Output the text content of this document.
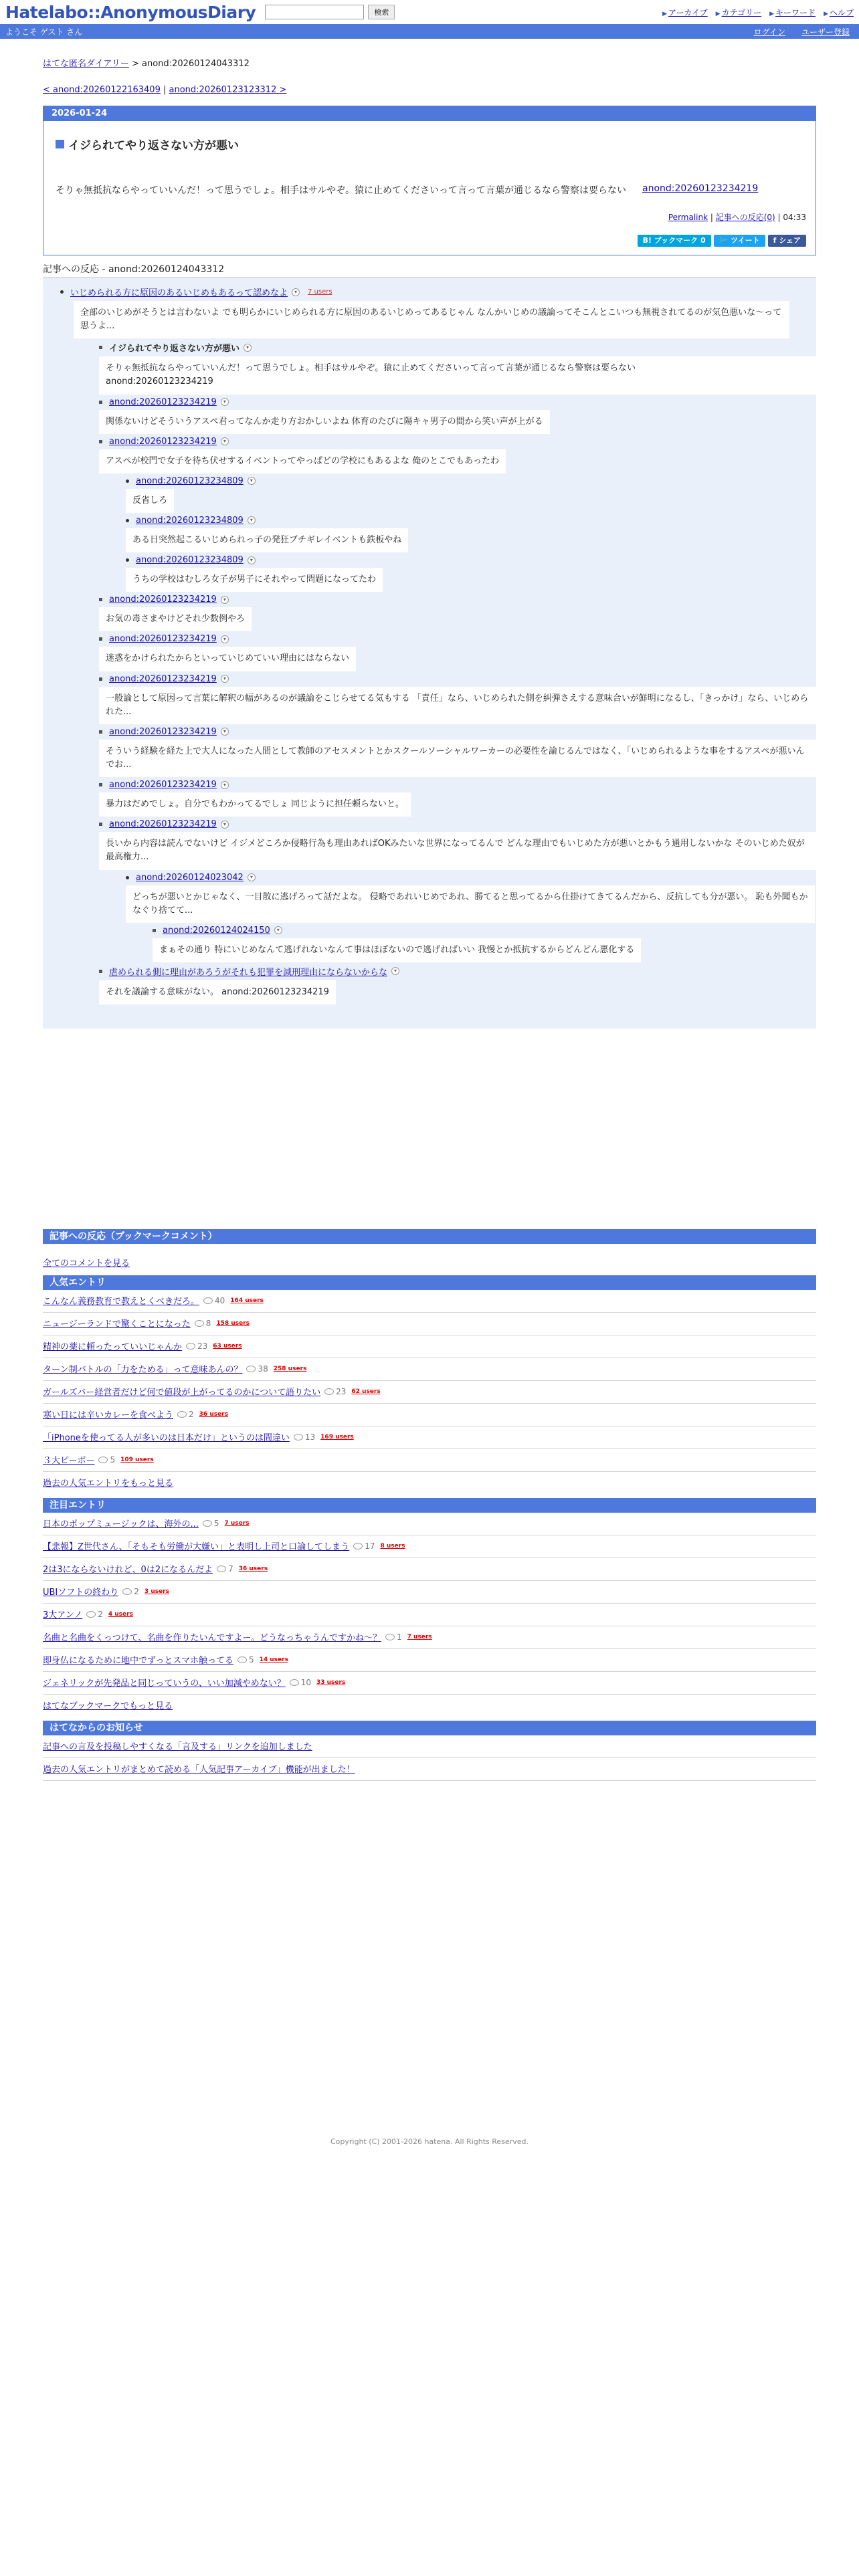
Hatelabo::AnonymousDiary	検索	▶ アーカイブ	▶ カテゴリー	▶ キーワード	▶ ヘルプ
ようこそ ゲスト さん	ログイン ユーザー登録
はてな匿名ダイアリー > anond:20260124043312
< anond:20260122163409 | anond:20260123123312 >
2026-01-24
イジられてやり返さない方が悪い
そりゃ無抵抗ならやっていいんだ！って思うでしょ。相手はサルやぞ。猿に止めてくださいって言って言葉が通じるなら警察は要らない anond:20260123234219
Permalink | 記事への反応(0) | 04:33
B! ブックマーク 0	🐦 ツイート	f シェア
記事への反応 - anond:20260124043312
いじめられる方に原因のあるいじめもあるって認めなよ	▾	7 users
全部のいじめがそうとは言わないよ でも明らかにいじめられる方に原因のあるいじめってあるじゃん なんかいじめの議論ってそこんとこいつも無視されてるのが気色悪いな〜って思うよ...
イジられてやり返さない方が悪い	▾
そりゃ無抵抗ならやっていいんだ！って思うでしょ。相手はサルやぞ。猿に止めてくださいって言って言葉が通じるなら警察は要らない
anond:20260123234219
anond:20260123234219	▾
関係ないけどそういうアスペ君ってなんか走り方おかしいよね 体育のたびに陽キャ男子の間から笑い声が上がる
anond:20260123234219	▾
アスペが校門で女子を待ち伏せするイベントってやっぱどの学校にもあるよな 俺のとこでもあったわ
anond:20260123234809	▾
反省しろ
anond:20260123234809	▾
ある日突然起こるいじめられっ子の発狂ブチギレイベントも鉄板やね
anond:20260123234809	▾
うちの学校はむしろ女子が男子にそれやって問題になってたわ
anond:20260123234219	▾
お気の毒さまやけどそれ少数例やろ
anond:20260123234219	▾
迷惑をかけられたからといっていじめていい理由にはならない
anond:20260123234219	▾
一般論として原因って言葉に解釈の幅があるのが議論をこじらせてる気もする 「責任」なら、いじめられた側を糾弾さえする意味合いが鮮明になるし、「きっかけ」なら、いじめられた...
anond:20260123234219	▾
そういう経験を経た上で大人になった人間として教師のアセスメントとかスクールソーシャルワーカーの必要性を論じるんではなく、「いじめられるような事をするアスペが悪いんでお...
anond:20260123234219	▾
暴力はだめでしょ。自分でもわかってるでしょ 同じように担任頼らないと。
anond:20260123234219	▾
長いから内容は読んでないけど イジメどころか侵略行為も理由あればOKみたいな世界になってるんで どんな理由でもいじめた方が悪いとかもう通用しないかな そのいじめた奴が最高権力...
anond:20260124023042	▾
どっちが悪いとかじゃなく、一目散に逃げろって話だよな。 侵略であれいじめであれ、勝てると思ってるから仕掛けてきてるんだから、反抗しても分が悪い。 恥も外聞もかなぐり捨てて...
anond:20260124024150	▾
まぁその通り 特にいじめなんて逃げれないなんて事はほぼないので逃げればいい 我慢とか抵抗するからどんどん悪化する
虐められる側に理由があろうがそれも犯罪を減刑理由にならないからな	▾
それを議論する意味がない。 anond:20260123234219
記事への反応（ブックマークコメント）
全てのコメントを見る
人気エントリ
こんなん義務教育で教えとくべきだろ。 40 164 users
ニュージーランドで驚くことになった 8 158 users
精神の薬に頼ったっていいじゃんか 23 63 users
ターン制バトルの「力をためる」って意味あんの？ 38 258 users
ガールズバー経営者だけど何で値段が上がってるのかについて語りたい 23 62 users
寒い日には辛いカレーを食べよう 2 36 users
「iPhoneを使ってる人が多いのは日本だけ」というのは間違い 13 169 users
３大ピーボー 5 109 users
過去の人気エントリをもっと見る
注目エントリ
日本のポップミュージックは、海外の... 5 7 users
【悲報】Z世代さん、「そもそも労働が大嫌い」と表明し上司と口論してしまう 17 8 users
2は3にならないけれど、0は2になるんだよ 7 36 users
UBIソフトの終わり 2 3 users
3大アンノ 2 4 users
名曲と名曲をくっつけて、名曲を作りたいんですよー。どうなっちゃうんですかね〜？ 1 7 users
即身仏になるために地中でずっとスマホ触ってる 5 14 users
ジェネリックが先発品と同じっていうの、いい加減やめない？ 10 33 users
はてなブックマークでもっと見る
はてなからのお知らせ
記事への言及を投稿しやすくなる「言及する」リンクを追加しました
過去の人気エントリがまとめて読める「人気記事アーカイブ」機能が出ました！
Copyright (C) 2001-2026 hatena. All Rights Reserved.
